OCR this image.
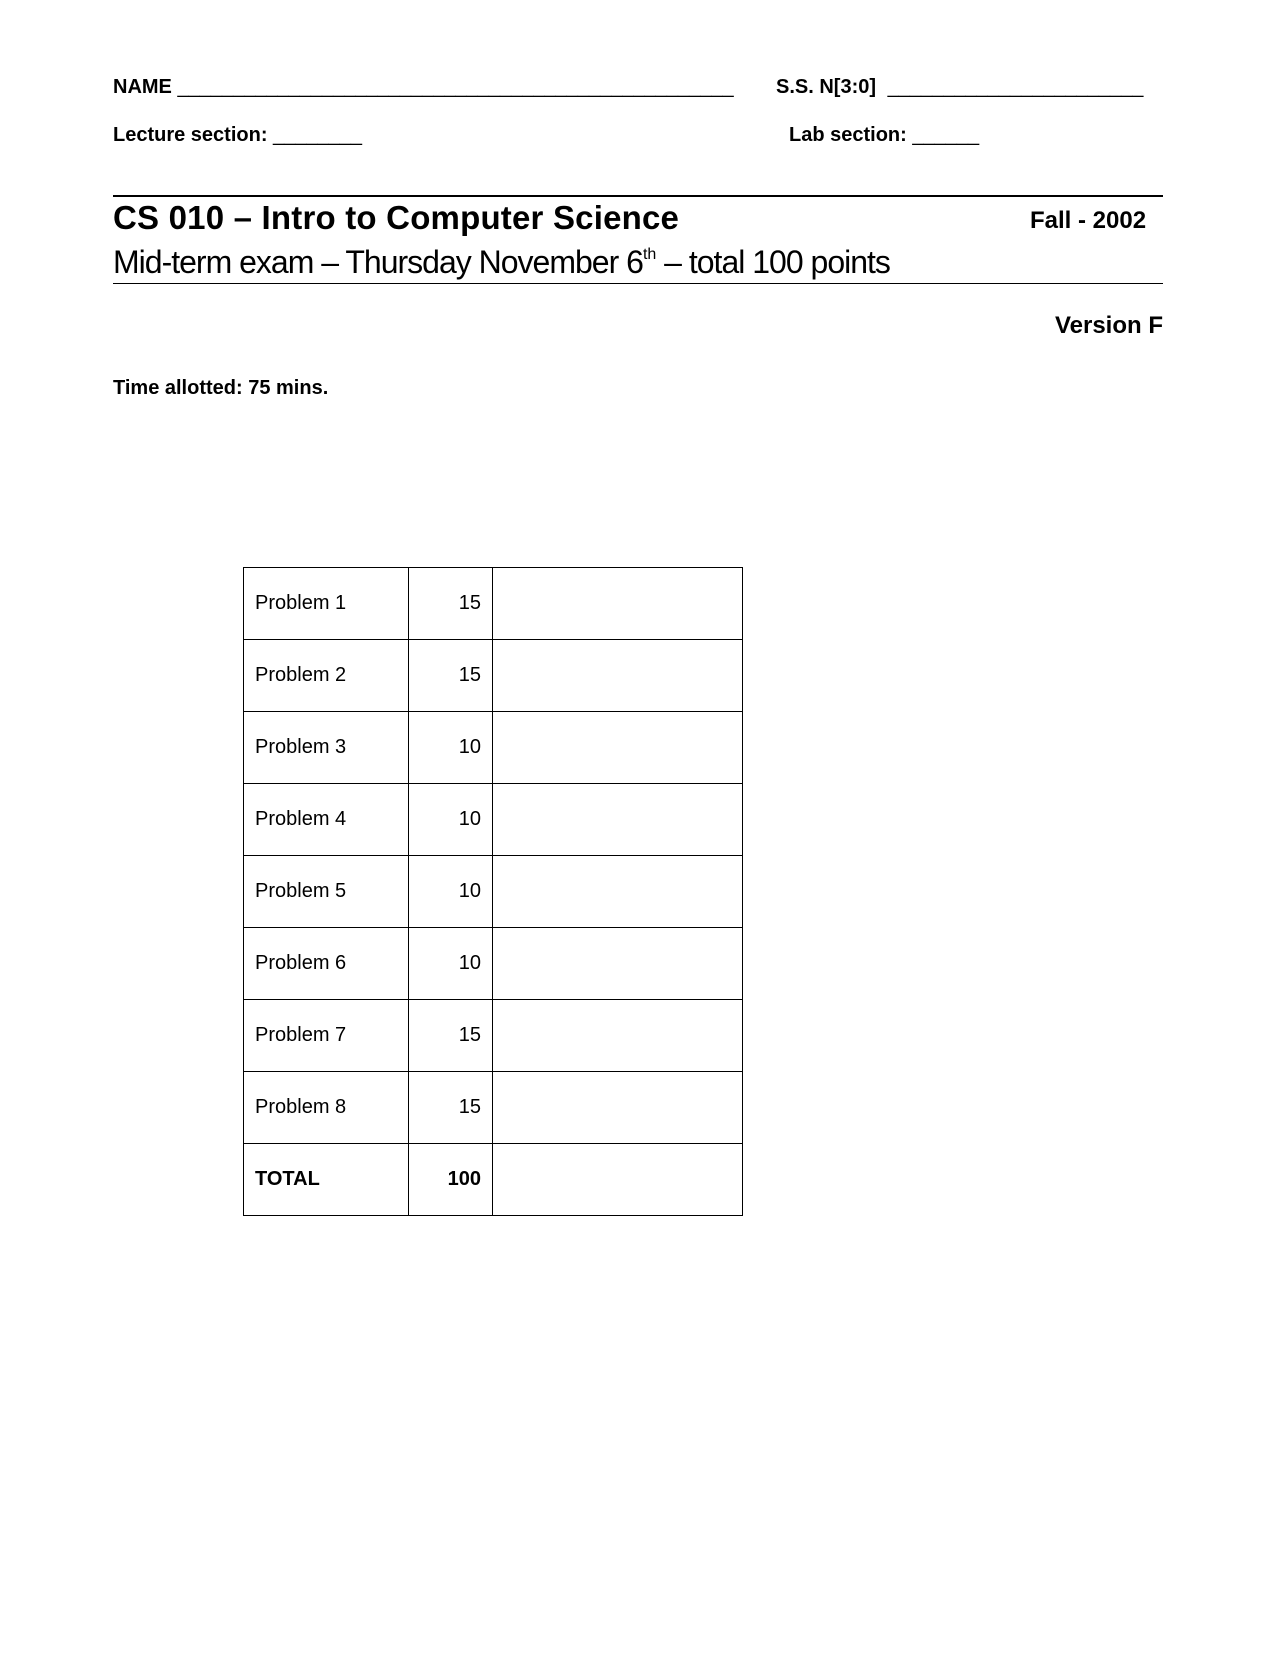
NAME __________________________________________________ S.S. N[3:0] _______________________
Lecture section: ________	Lab section: ______
CS 010 – Intro to Computer Science	Fall - 2002
Mid-term exam – Thursday November 6th – total 100 points
Version F
Time allotted: 75 mins.
Problem 1	15	
Problem 2	15	
Problem 3	10	
Problem 4	10	
Problem 5	10	
Problem 6	10	
Problem 7	15	
Problem 8	15	
TOTAL	100	
